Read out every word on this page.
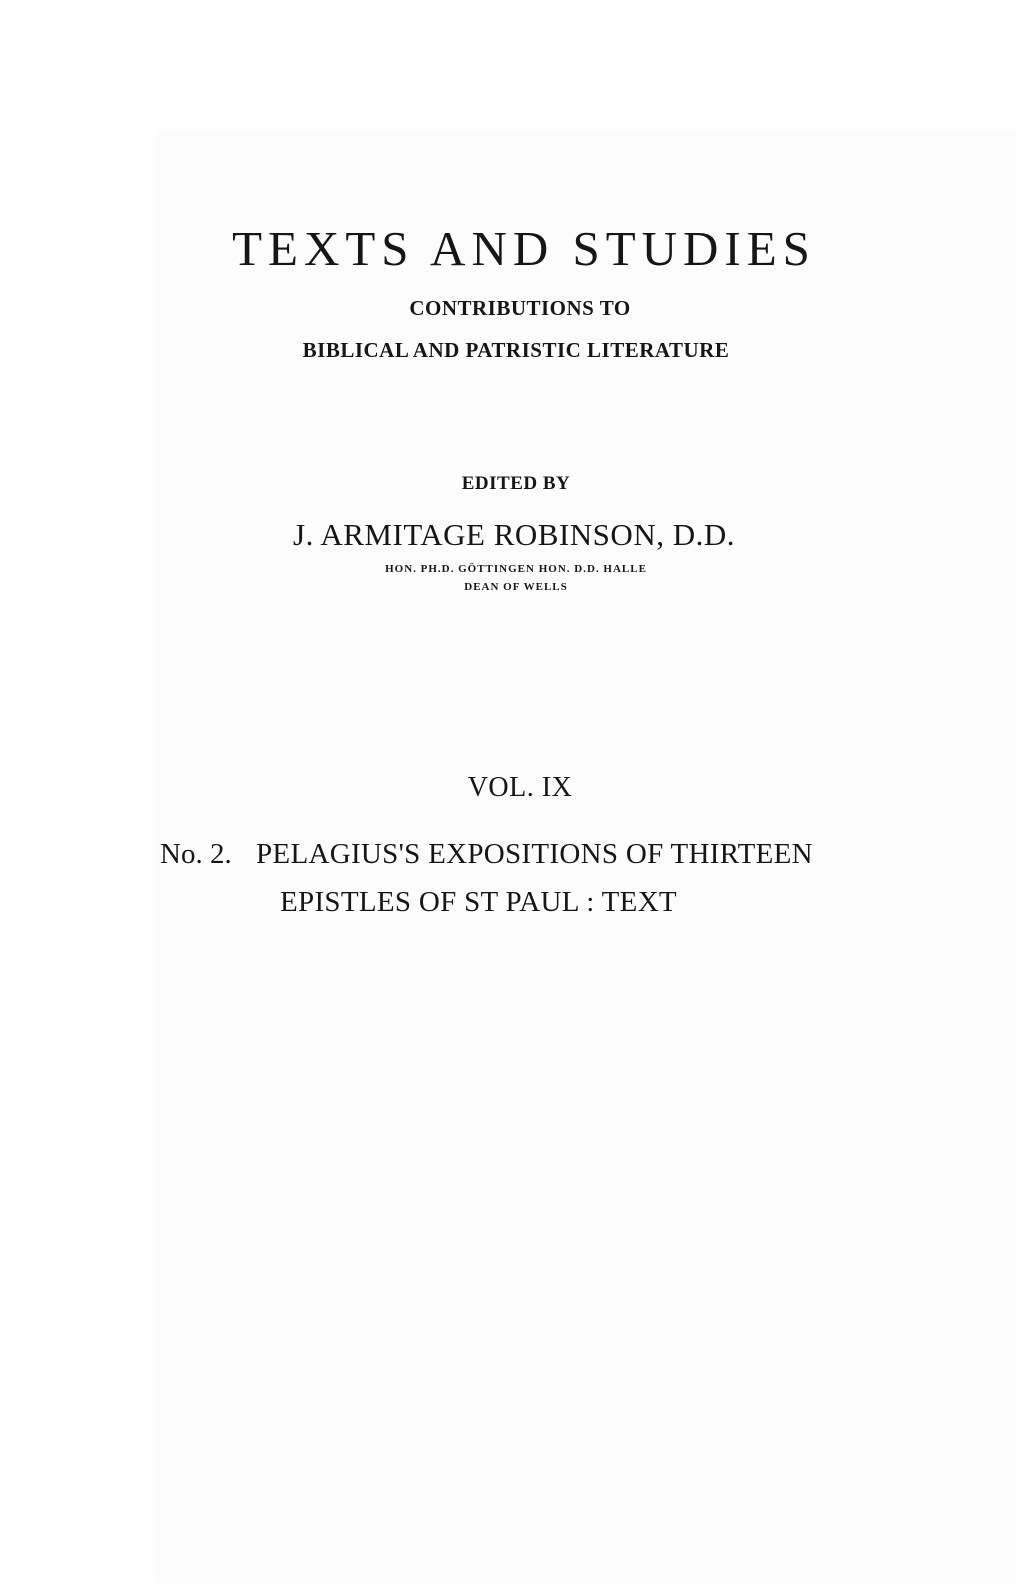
TEXTS AND STUDIES

CONTRIBUTIONS TO

BIBLICAL AND PATRISTIC LITERATURE

EDITED BY

J. ARMITAGE ROBINSON, D.D.

HON. PH.D. GÖTTINGEN HON. D.D. HALLE

DEAN OF WELLS

VOL. IX

No. 2. PELAGIUS'S EXPOSITIONS OF THIRTEEN
EPISTLES OF ST PAUL : TEXT
